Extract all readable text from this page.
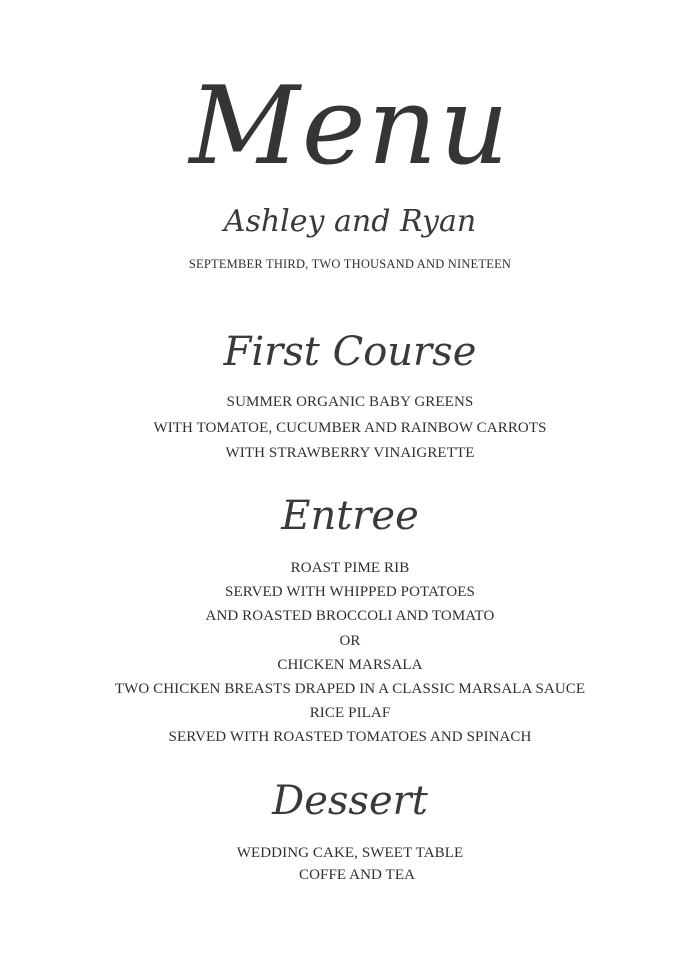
Menu
Ashley and Ryan
SEPTEMBER THIRD, TWO THOUSAND AND NINETEEN
First Course
SUMMER ORGANIC BABY GREENS
WITH TOMATOE, CUCUMBER AND RAINBOW CARROTS
WITH STRAWBERRY VINAIGRETTE
Entree
ROAST PIME RIB
SERVED WITH WHIPPED POTATOES
AND ROASTED BROCCOLI AND TOMATO
OR
CHICKEN MARSALA
TWO CHICKEN BREASTS DRAPED IN A CLASSIC MARSALA SAUCE
RICE PILAF
SERVED WITH ROASTED TOMATOES AND SPINACH
Dessert
WEDDING CAKE, SWEET TABLE
COFFE AND TEA
